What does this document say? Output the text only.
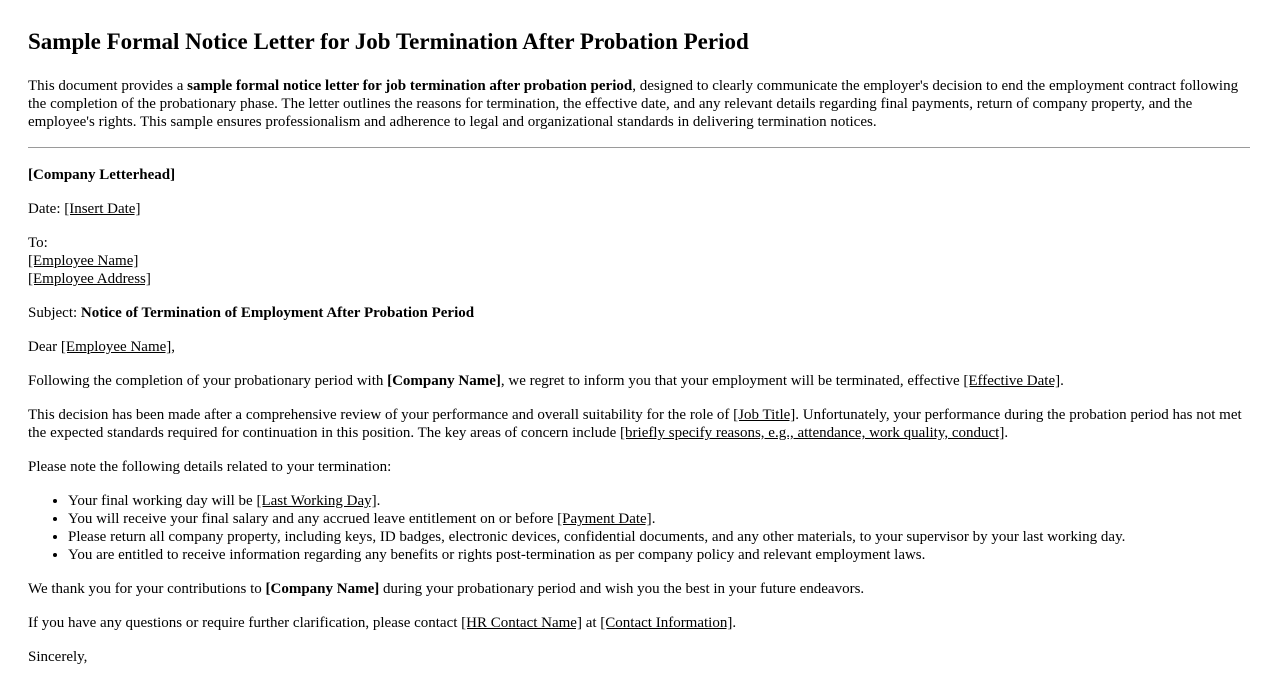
Sample Formal Notice Letter for Job Termination After Probation Period

This document provides a sample formal notice letter for job termination after probation period, designed to clearly communicate the employer's decision to end the employment contract following the completion of the probationary phase. The letter outlines the reasons for termination, the effective date, and any relevant details regarding final payments, return of company property, and the employee's rights. This sample ensures professionalism and adherence to legal and organizational standards in delivering termination notices.

[Company Letterhead]

Date: [Insert Date]

To:

[Employee Name]

[Employee Address]

Subject: Notice of Termination of Employment After Probation Period

Dear [Employee Name],

Following the completion of your probationary period with [Company Name], we regret to inform you that your employment will be terminated, effective [Effective Date].

This decision has been made after a comprehensive review of your performance and overall suitability for the role of [Job Title]. Unfortunately, your performance during the probation period has not met the expected standards required for continuation in this position. The key areas of concern include [briefly specify reasons, e.g., attendance, work quality, conduct].

Please note the following details related to your termination:

• Your final working day will be [Last Working Day].
• You will receive your final salary and any accrued leave entitlement on or before [Payment Date].
• Please return all company property, including keys, ID badges, electronic devices, confidential documents, and any other materials, to your supervisor by your last working day.
• You are entitled to receive information regarding any benefits or rights post-termination as per company policy and relevant employment laws.

We thank you for your contributions to [Company Name] during your probationary period and wish you the best in your future endeavors.

If you have any questions or require further clarification, please contact [HR Contact Name] at [Contact Information].

Sincerely,
